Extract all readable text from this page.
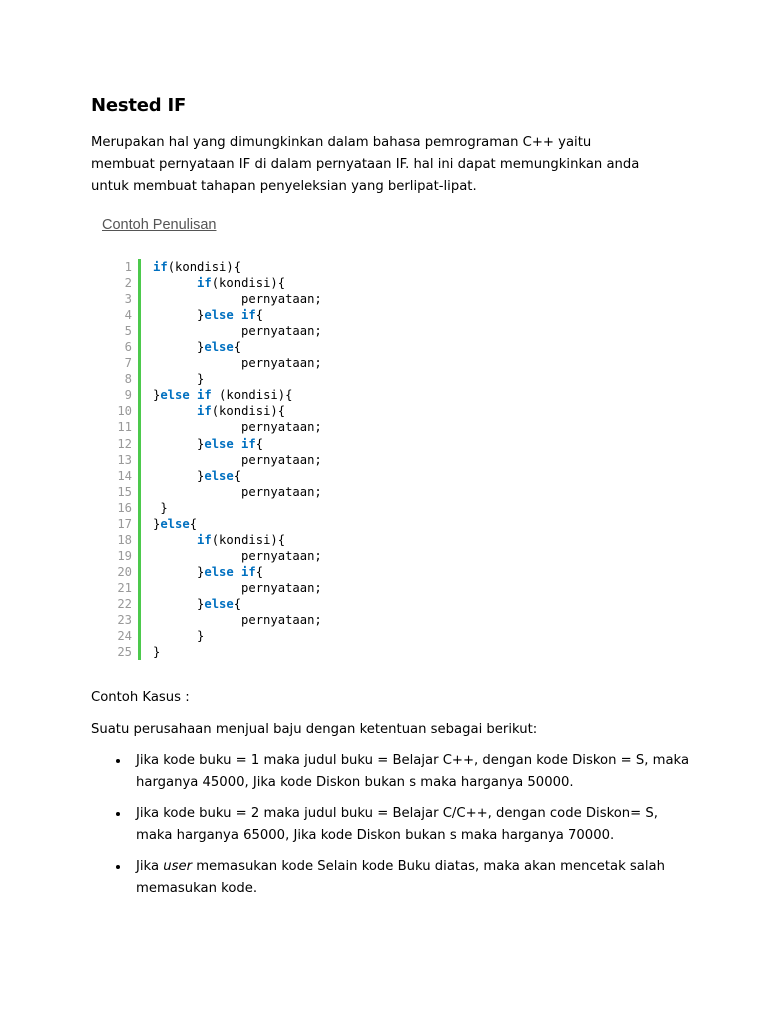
Nested IF

Merupakan hal yang dimungkinkan dalam bahasa pemrograman C++ yaitu membuat pernyataan IF di dalam pernyataan IF. hal ini dapat memungkinkan anda untuk membuat tahapan penyeleksian yang berlipat-lipat.

Contoh Penulisan
1	if(kondisi){
2	if(kondisi){
3	pernyataan;
4	}else if{
5	pernyataan;
6	}else{
7	pernyataan;
8	}
9	}else if (kondisi){
10	if(kondisi){
11	pernyataan;
12	}else if{
13	pernyataan;
14	}else{
15	pernyataan;
16	}
17	}else{
18	if(kondisi){
19	pernyataan;
20	}else if{
21	pernyataan;
22	}else{
23	pernyataan;
24	}
25	}

Contoh Kasus :

Suatu perusahaan menjual baju dengan ketentuan sebagai berikut:

Jika kode buku = 1 maka judul buku = Belajar C++, dengan kode Diskon = S, maka harganya 45000, Jika kode Diskon bukan s maka harganya 50000.
Jika kode buku = 2 maka judul buku = Belajar C/C++, dengan code Diskon= S, maka harganya 65000, Jika kode Diskon bukan s maka harganya 70000.
Jika user memasukan kode Selain kode Buku diatas, maka akan mencetak salah memasukan kode.
